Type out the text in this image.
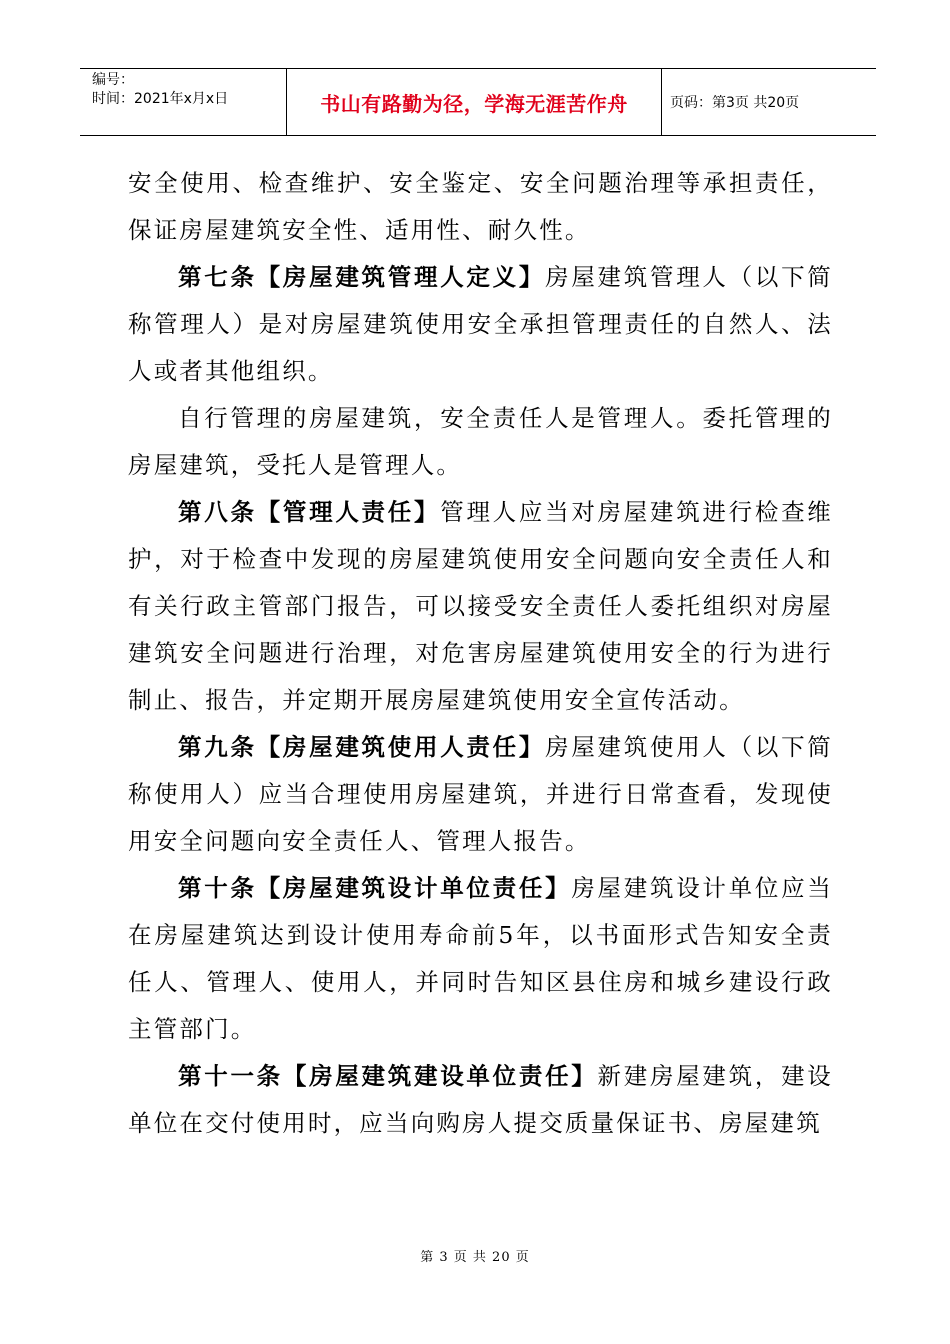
编号：
时间：2021年x月x日	书山有路勤为径，学海无涯苦作舟	页码：第3页 共20页

安全使用、检查维护、安全鉴定、安全问题治理等承担责任，保证房屋建筑安全性、适用性、耐久性。

第七条【房屋建筑管理人定义】房屋建筑管理人（以下简称管理人）是对房屋建筑使用安全承担管理责任的自然人、法人或者其他组织。

自行管理的房屋建筑，安全责任人是管理人。委托管理的房屋建筑，受托人是管理人。

第八条【管理人责任】管理人应当对房屋建筑进行检查维护，对于检查中发现的房屋建筑使用安全问题向安全责任人和有关行政主管部门报告，可以接受安全责任人委托组织对房屋建筑安全问题进行治理，对危害房屋建筑使用安全的行为进行制止、报告，并定期开展房屋建筑使用安全宣传活动。

第九条【房屋建筑使用人责任】房屋建筑使用人（以下简称使用人）应当合理使用房屋建筑，并进行日常查看，发现使用安全问题向安全责任人、管理人报告。

第十条【房屋建筑设计单位责任】房屋建筑设计单位应当在房屋建筑达到设计使用寿命前5年，以书面形式告知安全责任人、管理人、使用人，并同时告知区县住房和城乡建设行政主管部门。

第十一条【房屋建筑建设单位责任】新建房屋建筑，建设单位在交付使用时，应当向购房人提交质量保证书、房屋建筑

第 3 页 共 20 页
